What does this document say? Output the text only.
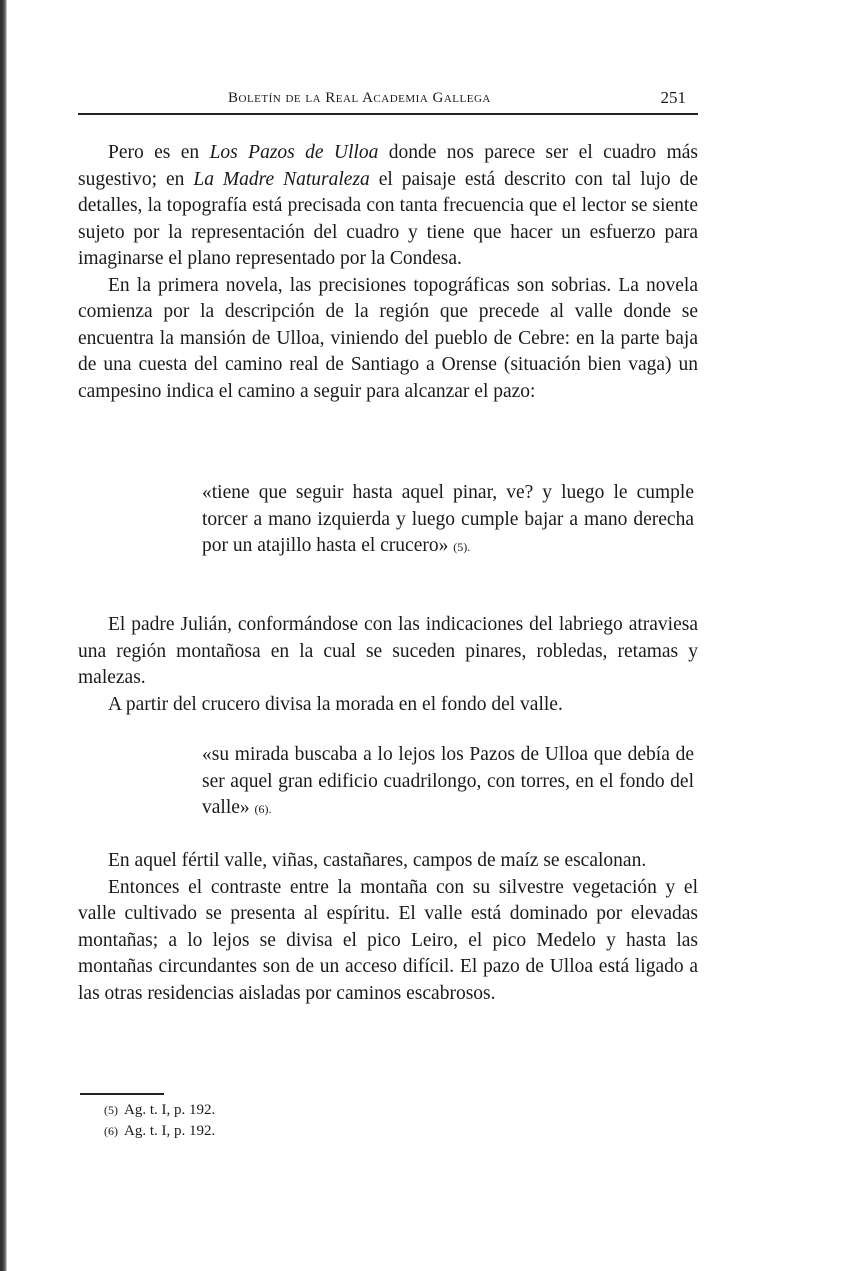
Boletín de la Real Academia Gallega	251

Pero es en Los Pazos de Ulloa donde nos parece ser el cuadro más sugestivo; en La Madre Naturaleza el paisaje está descrito con tal lujo de detalles, la topografía está precisada con tanta frecuencia que el lector se siente sujeto por la representación del cuadro y tiene que hacer un esfuerzo para imaginarse el plano representado por la Condesa.

En la primera novela, las precisiones topográficas son sobrias. La novela comienza por la descripción de la región que precede al valle donde se encuentra la mansión de Ulloa, viniendo del pueblo de Cebre: en la parte baja de una cuesta del camino real de Santiago a Orense (situación bien vaga) un campesino indica el camino a seguir para alcanzar el pazo:

«tiene que seguir hasta aquel pinar, ve? y luego le cumple torcer a mano izquierda y luego cumple bajar a mano derecha por un atajillo hasta el crucero» (5).

El padre Julián, conformándose con las indicaciones del labriego atraviesa una región montañosa en la cual se suceden pinares, robledas, retamas y malezas.

A partir del crucero divisa la morada en el fondo del valle.

«su mirada buscaba a lo lejos los Pazos de Ulloa que debía de ser aquel gran edificio cuadrilongo, con torres, en el fondo del valle» (6).

En aquel fértil valle, viñas, castañares, campos de maíz se escalonan.

Entonces el contraste entre la montaña con su silvestre vegetación y el valle cultivado se presenta al espíritu. El valle está dominado por elevadas montañas; a lo lejos se divisa el pico Leiro, el pico Medelo y hasta las montañas circundantes son de un acceso difícil. El pazo de Ulloa está ligado a las otras residencias aisladas por caminos escabrosos.

(5) Ag. t. I, p. 192.
(6) Ag. t. I, p. 192.
